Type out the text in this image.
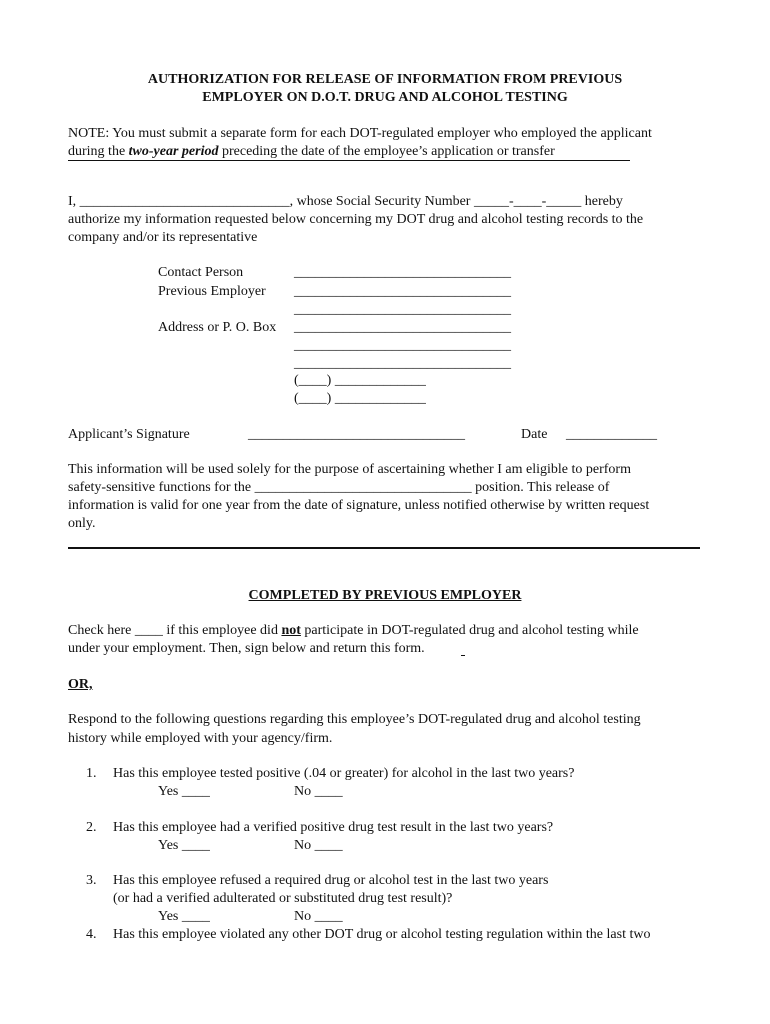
AUTHORIZATION FOR RELEASE OF INFORMATION FROM PREVIOUS
EMPLOYER ON D.O.T. DRUG AND ALCOHOL TESTING
NOTE: You must submit a separate form for each DOT-regulated employer who employed the applicant
during the two-year period preceding the date of the employee’s application or transfer
I, ______________________________, whose Social Security Number _____-____-_____ hereby
authorize my information requested below concerning my DOT drug and alcohol testing records to the
company and/or its representative
Contact Person	_______________________________
Previous Employer _______________________________
_______________________________
Address or P. O. Box _______________________________
_______________________________
_______________________________
(____) _____________
(____) _____________
Applicant’s Signature	_______________________________	Date _____________
This information will be used solely for the purpose of ascertaining whether I am eligible to perform
safety-sensitive functions for the _______________________________ position. This release of
information is valid for one year from the date of signature, unless notified otherwise by written request
only.
COMPLETED BY PREVIOUS EMPLOYER
Check here ____ if this employee did not participate in DOT-regulated drug and alcohol testing while
under your employment. Then, sign below and return this form.
OR,
Respond to the following questions regarding this employee’s DOT-regulated drug and alcohol testing
history while employed with your agency/firm.
1. Has this employee tested positive (.04 or greater) for alcohol in the last two years?
Yes ____	No ____
2. Has this employee had a verified positive drug test result in the last two years?
Yes ____	No ____
3. Has this employee refused a required drug or alcohol test in the last two years
(or had a verified adulterated or substituted drug test result)?
Yes ____	No ____
4. Has this employee violated any other DOT drug or alcohol testing regulation within the last two
